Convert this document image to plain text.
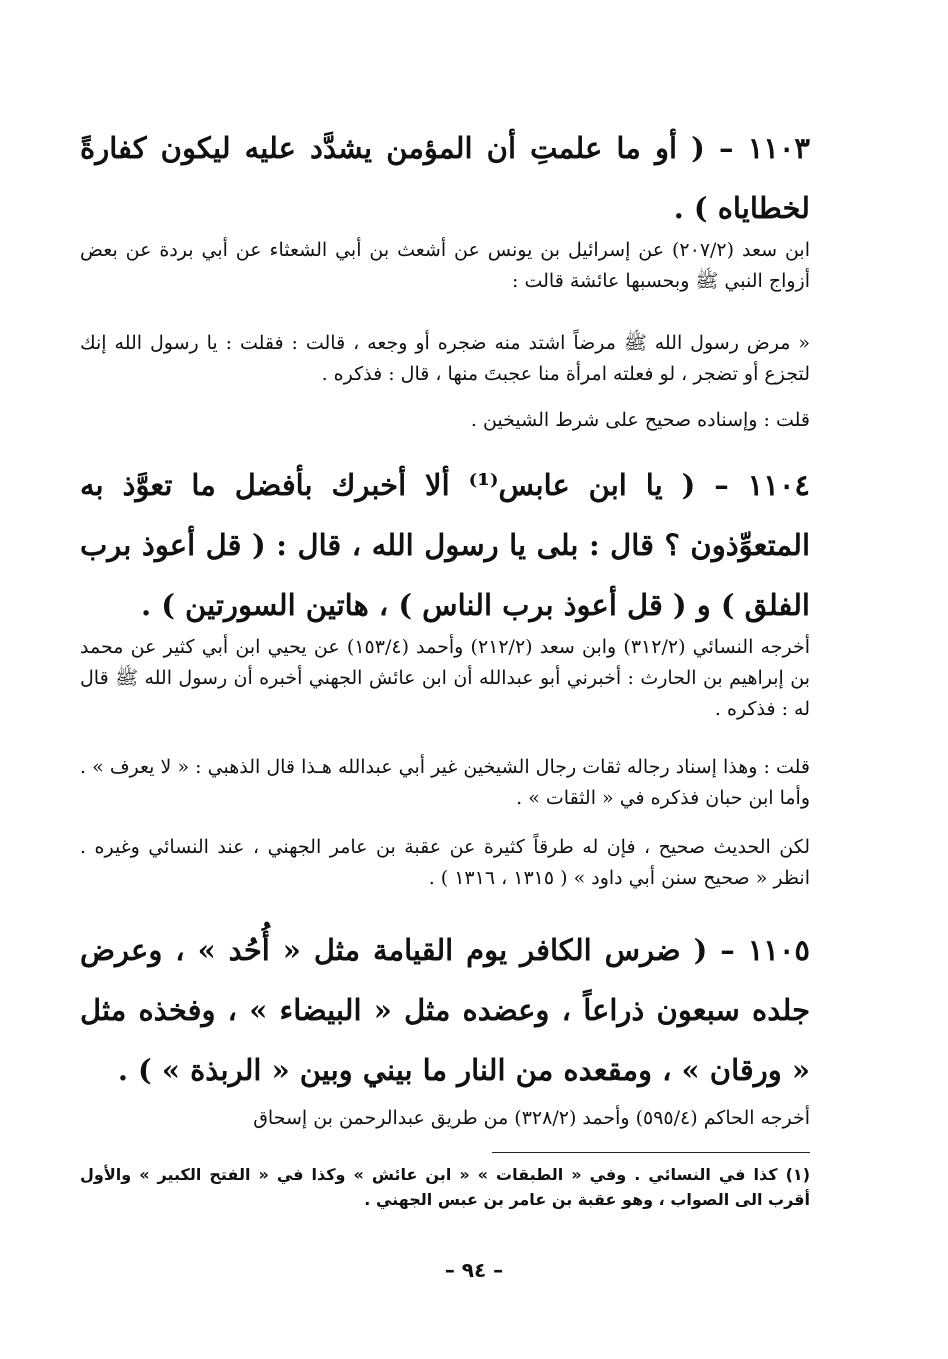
١١٠٣ – ( أو ما علمتِ أن المؤمن يشدَّد عليه ليكون كفارةً لخطاياه ) .
ابن سعد (٢٠٧/٢) عن إسرائيل بن يونس عن أشعث بن أبي الشعثاء عن أبي بردة عن بعض أزواج النبي ﷺ وبحسبها عائشة قالت :
« مرض رسول الله ﷺ مرضاً اشتد منه ضجره أو وجعه ، قالت : فقلت : يا رسول الله إنك لتجزع أو تضجر ، لو فعلته امرأة منا عجبتَ منها ، قال : فذكره .
قلت : وإسناده صحيح على شرط الشيخين .
١١٠٤ – ( يا ابن عابس⁽¹⁾ ألا أخبرك بأفضل ما تعوَّذ به المتعوِّذون ؟ قال : بلى يا رسول الله ، قال : ( قل أعوذ برب الفلق ) و ( قل أعوذ برب الناس ) ، هاتين السورتين ) .
أخرجه النسائي (٣١٢/٢) وابن سعد (٢١٢/٢) وأحمد (١٥٣/٤) عن يحيي ابن أبي كثير عن محمد بن إبراهيم بن الحارث : أخبرني أبو عبدالله أن ابن عائش الجهني أخبره أن رسول الله ﷺ قال له : فذكره .
قلت : وهذا إسناد رجاله ثقات رجال الشيخين غير أبي عبدالله هـذا قال الذهبي : « لا يعرف » . وأما ابن حبان فذكره في « الثقات » .
لكن الحديث صحيح ، فإن له طرقاً كثيرة عن عقبة بن عامر الجهني ، عند النسائي وغيره . انظر « صحيح سنن أبي داود » ( ١٣١٥ ، ١٣١٦ ) .
١١٠٥ – ( ضرس الكافر يوم القيامة مثل « أُحُد » ، وعرض جلده سبعون ذراعاً ، وعضده مثل « البيضاء » ، وفخذه مثل « ورقان » ، ومقعده من النار ما بيني وبين « الربذة » ) .
أخرجه الحاكم (٥٩٥/٤) وأحمد (٣٢٨/٢) من طريق عبدالرحمن بن إسحاق
(١) كذا في النسائي . وفي « الطبقات » « ابن عائش » وكذا في « الفتح الكبير » والأول أقرب الى الصواب ، وهو عقبة بن عامر بن عبس الجهني .
– ٩٤ –
